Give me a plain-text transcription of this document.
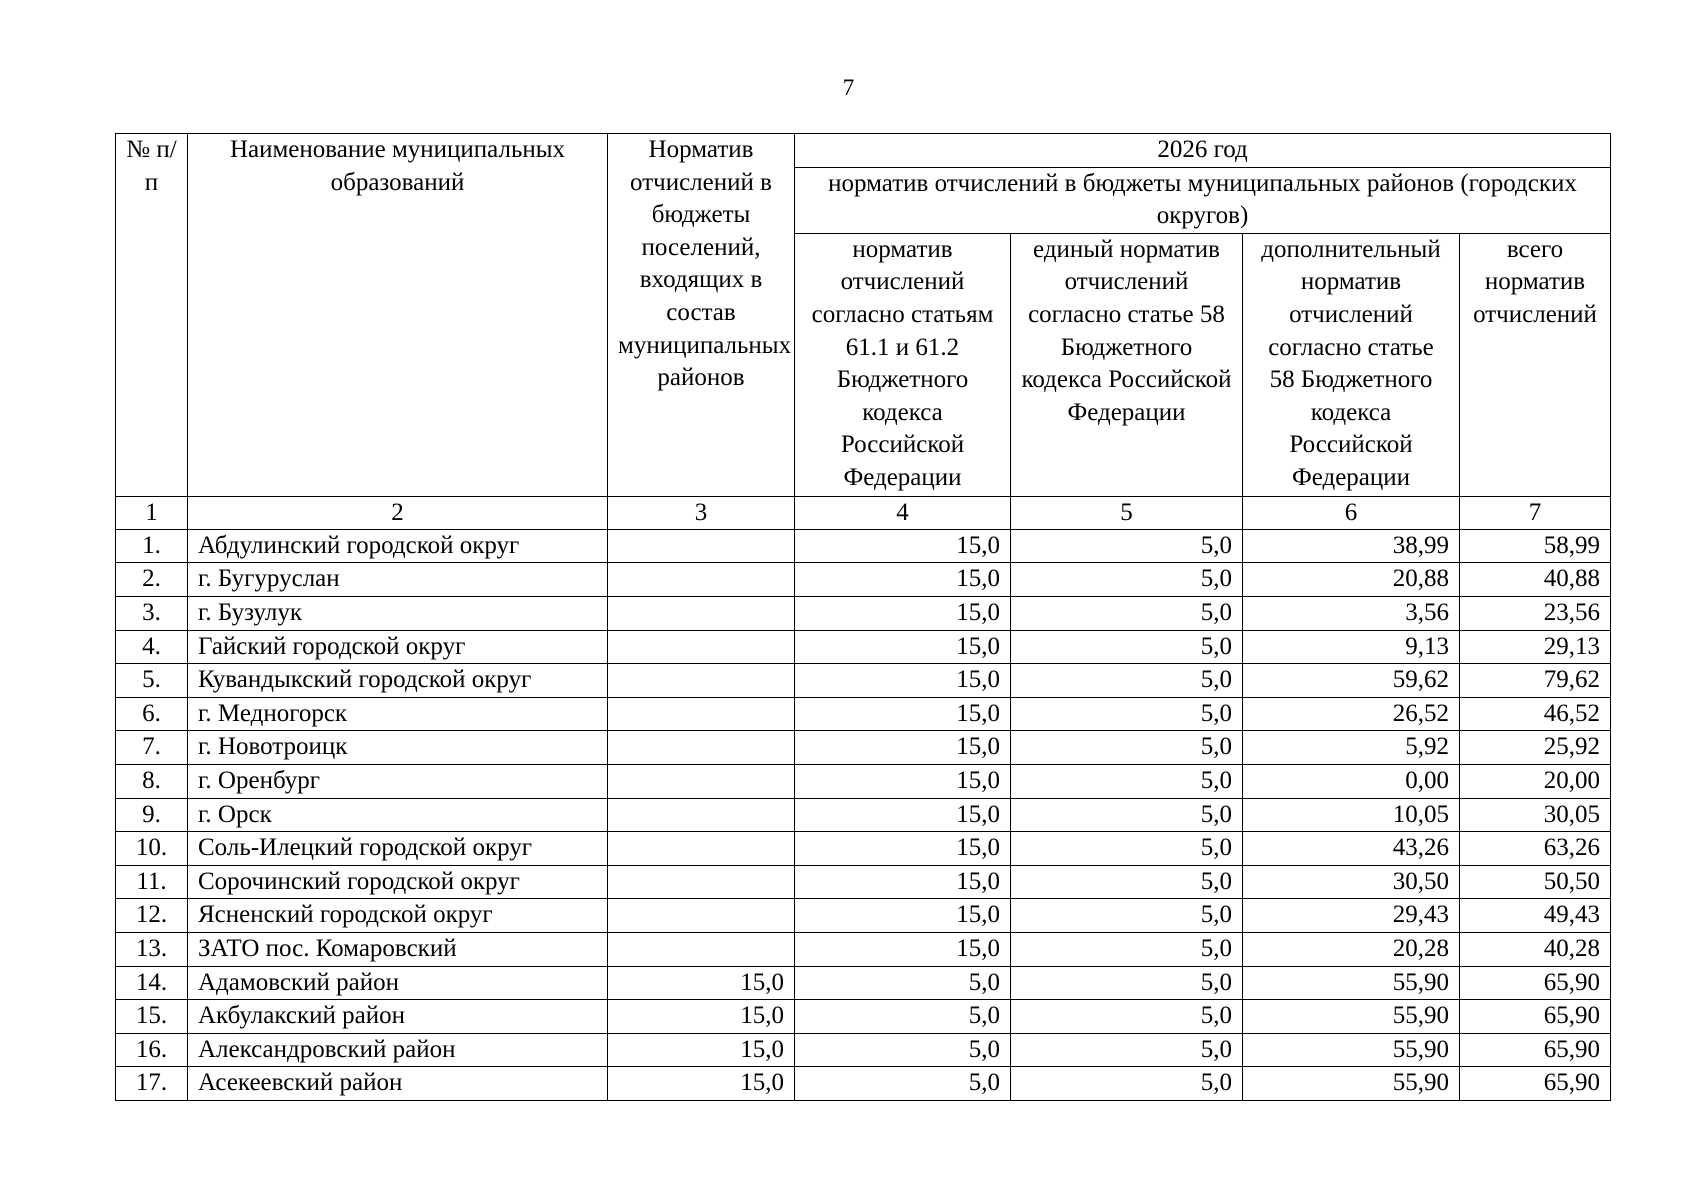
7
№ п/п	Наименование муниципальных образований	Норматив отчислений в бюджеты поселений, входящих в состав муниципальных районов	2026 год			

			норматив отчислений в бюджеты муниципальных районов (городских округов)			

			норматив отчислений согласно статьям 61.1 и 61.2 Бюджетного кодекса Российской Федерации	единый норматив отчислений согласно статье 58 Бюджетного кодекса Российской Федерации	дополнительный норматив отчислений согласно статье 58 Бюджетного кодекса Российской Федерации	всего норматив отчислений

1	2	3	4	5	6	7
1.	Абдулинский городской округ		15,0	5,0	38,99	58,99
2.	г. Бугуруслан		15,0	5,0	20,88	40,88
3.	г. Бузулук		15,0	5,0	3,56	23,56
4.	Гайский городской округ		15,0	5,0	9,13	29,13
5.	Кувандыкский городской округ		15,0	5,0	59,62	79,62
6.	г. Медногорск		15,0	5,0	26,52	46,52
7.	г. Новотроицк		15,0	5,0	5,92	25,92
8.	г. Оренбург		15,0	5,0	0,00	20,00
9.	г. Орск		15,0	5,0	10,05	30,05
10.	Соль-Илецкий городской округ		15,0	5,0	43,26	63,26
11.	Сорочинский городской округ		15,0	5,0	30,50	50,50
12.	Ясненский городской округ		15,0	5,0	29,43	49,43
13.	ЗАТО пос. Комаровский		15,0	5,0	20,28	40,28
14.	Адамовский район	15,0	5,0	5,0	55,90	65,90
15.	Акбулакский район	15,0	5,0	5,0	55,90	65,90
16.	Александровский район	15,0	5,0	5,0	55,90	65,90
17.	Асекеевский район	15,0	5,0	5,0	55,90	65,90
